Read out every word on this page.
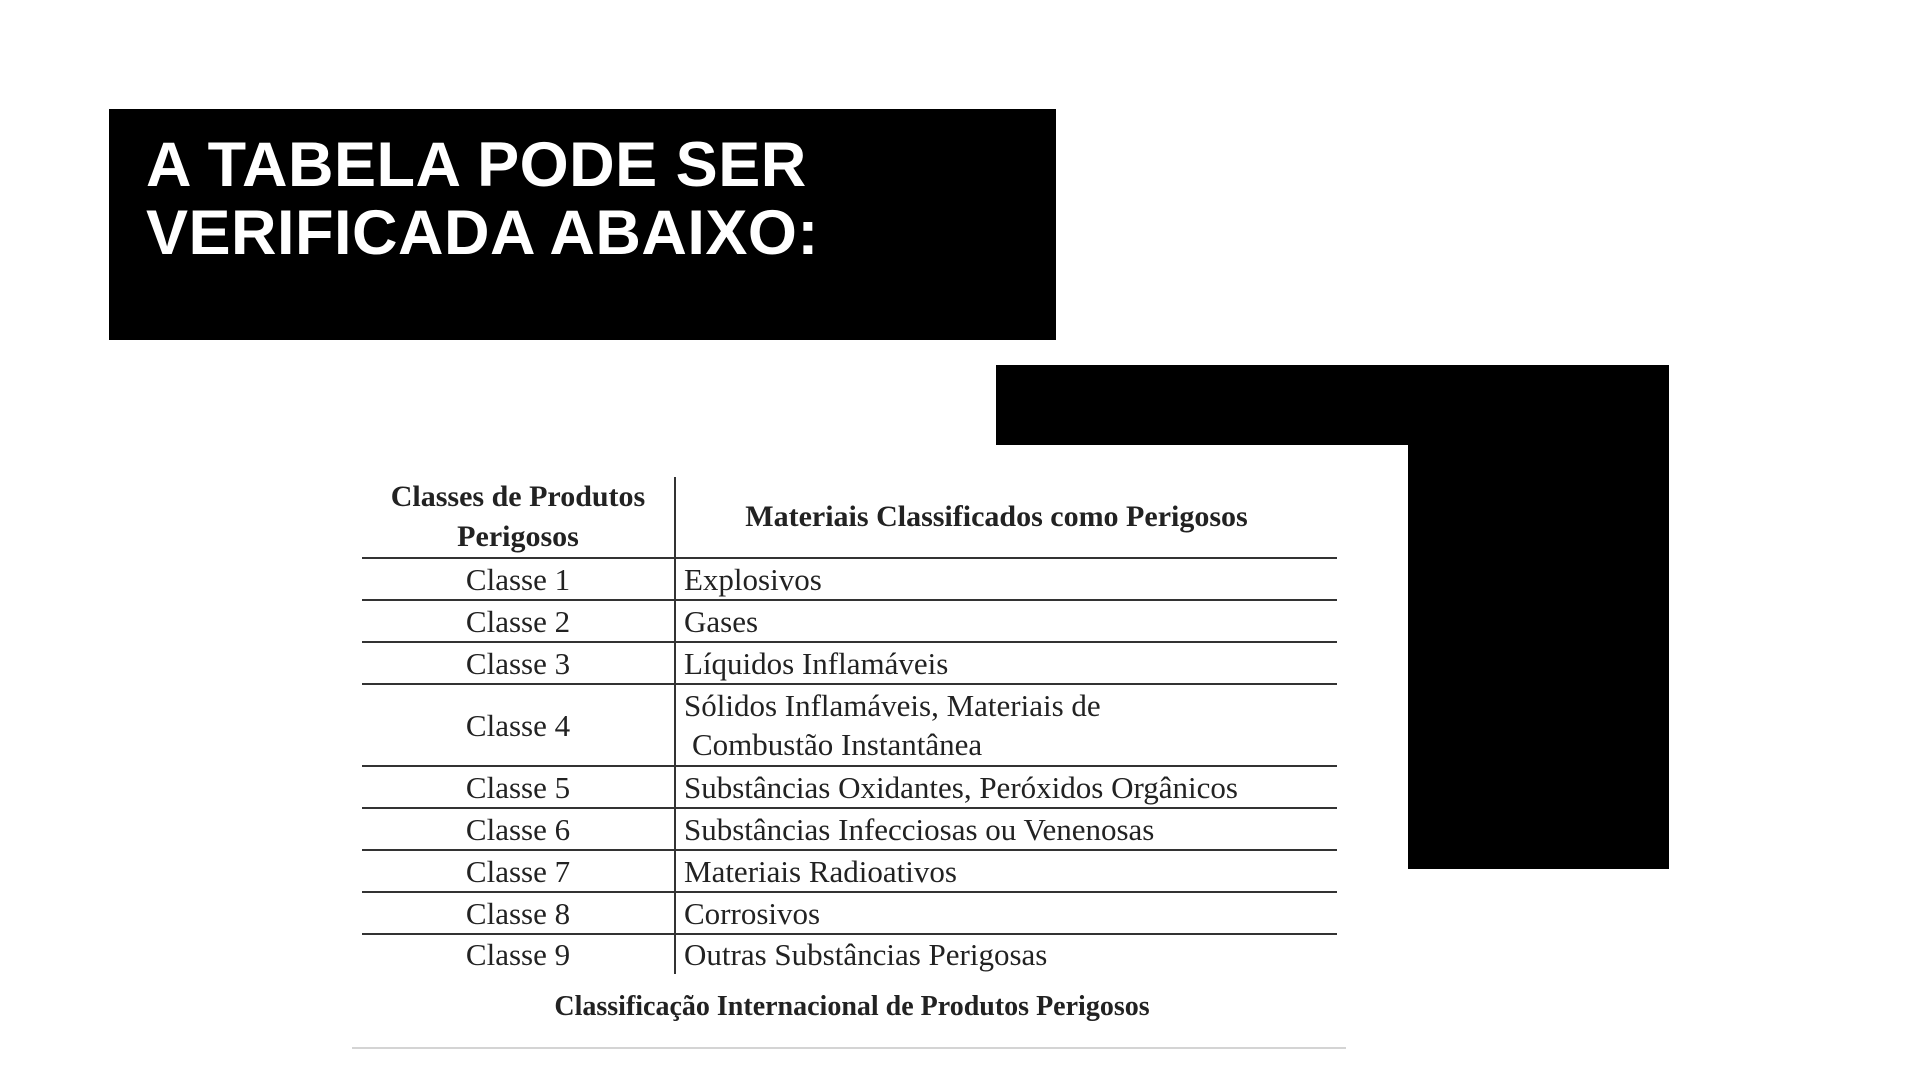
A TABELA PODE SER
VERIFICADA ABAIXO:
Classes de Produtos
Perigosos	Materiais Classificados como Perigosos
Classe 1	Explosivos
Classe 2	Gases
Classe 3	Líquidos Inflamáveis
Classe 4	Sólidos Inflamáveis, Materiais de
Combustão Instantânea

Classe 5	Substâncias Oxidantes, Peróxidos Orgânicos
Classe 6	Substâncias Infecciosas ou Venenosas
Classe 7	Materiais Radioativos
Classe 8	Corrosivos
Classe 9	Outras Substâncias Perigosas

Classificação Internacional de Produtos Perigosos
